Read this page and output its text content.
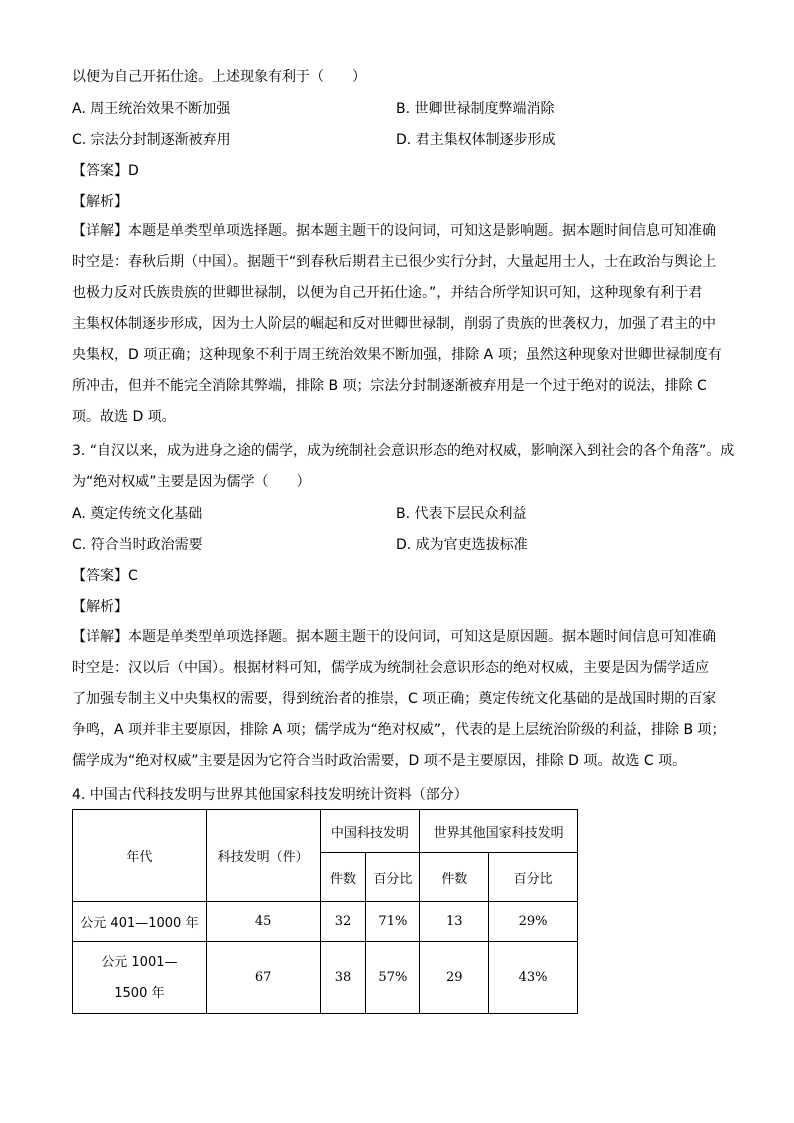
以便为自己开拓仕途。上述现象有利于（　　）
A. 周王统治效果不断加强	B. 世卿世禄制度弊端消除
C. 宗法分封制逐渐被弃用	D. 君主集权体制逐步形成
【答案】D
【解析】
【详解】本题是单类型单项选择题。据本题主题干的设问词，可知这是影响题。据本题时间信息可知准确
时空是：春秋后期（中国）。据题干“到春秋后期君主已很少实行分封，大量起用士人，士在政治与舆论上
也极力反对氏族贵族的世卿世禄制，以便为自己开拓仕途。”，并结合所学知识可知，这种现象有利于君
主集权体制逐步形成，因为士人阶层的崛起和反对世卿世禄制，削弱了贵族的世袭权力，加强了君主的中
央集权，D 项正确；这种现象不利于周王统治效果不断加强，排除 A 项；虽然这种现象对世卿世禄制度有
所冲击，但并不能完全消除其弊端，排除 B 项；宗法分封制逐渐被弃用是一个过于绝对的说法，排除 C
项。故选 D 项。
3. “自汉以来，成为进身之途的儒学，成为统制社会意识形态的绝对权威，影响深入到社会的各个角落”。成
为“绝对权威”主要是因为儒学（　　）
A. 奠定传统文化基础	B. 代表下层民众利益
C. 符合当时政治需要	D. 成为官吏选拔标准
【答案】C
【解析】
【详解】本题是单类型单项选择题。据本题主题干的设问词，可知这是原因题。据本题时间信息可知准确
时空是：汉以后（中国）。根据材料可知，儒学成为统制社会意识形态的绝对权威，主要是因为儒学适应
了加强专制主义中央集权的需要，得到统治者的推崇，C 项正确；奠定传统文化基础的是战国时期的百家
争鸣，A 项并非主要原因，排除 A 项；儒学成为“绝对权威”，代表的是上层统治阶级的利益，排除 B 项；
儒学成为“绝对权威”主要是因为它符合当时政治需要，D 项不是主要原因，排除 D 项。故选 C 项。
4. 中国古代科技发明与世界其他国家科技发明统计资料（部分）
年代	科技发明（件）	中国科技发明		世界其他国家科技发明	
		件数	百分比	件数	百分比
公元 401—1000 年	45	32	71%	13	29%
公元 1001—1500 年	67	38	57%	29	43%
